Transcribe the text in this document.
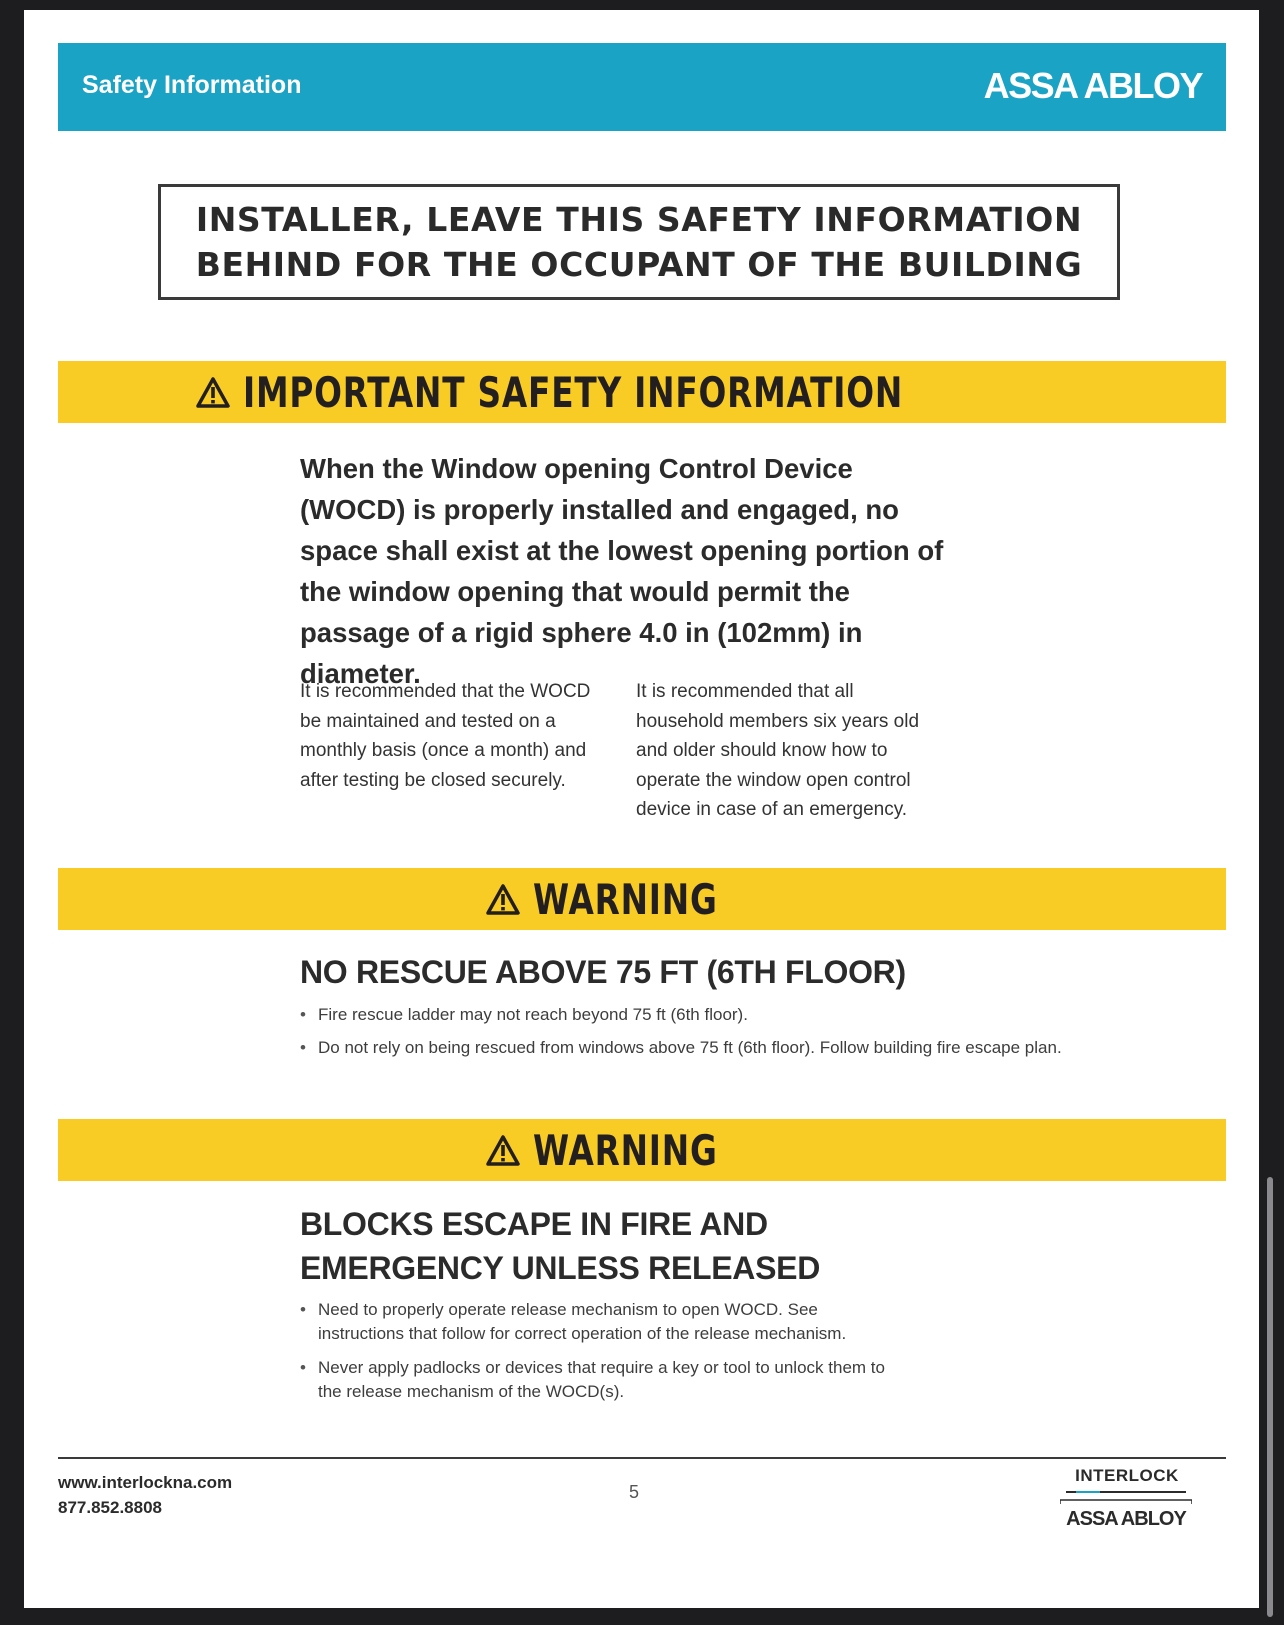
Safety Information	ASSA ABLOY
INSTALLER, LEAVE THIS SAFETY INFORMATION BEHIND FOR THE OCCUPANT OF THE BUILDING
IMPORTANT SAFETY INFORMATION
When the Window opening Control Device (WOCD) is properly installed and engaged, no space shall exist at the lowest opening portion of the window opening that would permit the passage of a rigid sphere 4.0 in (102mm) in diameter.
It is recommended that the WOCD be maintained and tested on a monthly basis (once a month) and after testing be closed securely.
It is recommended that all household members six years old and older should know how to operate the window open control device in case of an emergency.
WARNING
NO RESCUE ABOVE 75 FT (6TH FLOOR)
• Fire rescue ladder may not reach beyond 75 ft (6th floor).
• Do not rely on being rescued from windows above 75 ft (6th floor). Follow building fire escape plan.
WARNING
BLOCKS ESCAPE IN FIRE AND EMERGENCY UNLESS RELEASED
• Need to properly operate release mechanism to open WOCD. See instructions that follow for correct operation of the release mechanism.
• Never apply padlocks or devices that require a key or tool to unlock them to the release mechanism of the WOCD(s).
www.interlockna.com
877.852.8808
5
INTERLOCK
ASSA ABLOY
